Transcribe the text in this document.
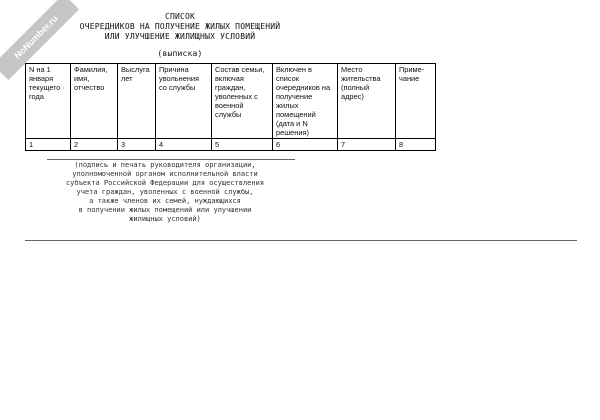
NoNumber.ru	СПИСОК
ОЧЕРЕДНИКОВ НА ПОЛУЧЕНИЕ ЖИЛЫХ ПОМЕЩЕНИЙ
ИЛИ УЛУЧШЕНИЕ ЖИЛИЩНЫХ УСЛОВИЙ
(выписка)
N на 1 января текущего года	Фамилия, имя, отчество	Выслуга лет	Причина увольнения со службы	Состав семьи, включая граждан, уволенных с военной службы	Включен в список очередников на получение жилых помещений (дата и N решения)	Место жительства (полный адрес)	Приме-чание
1	2	3	4	5	6	7	8
(подпись и печать руководителя организации,
уполномоченной органом исполнительной власти
субъекта Российской Федерации для осуществления
учета граждан, уволенных с военной службы,
а также членов их семей, нуждающихся
в получении жилых помещений или улучшении
жилищных условий)
